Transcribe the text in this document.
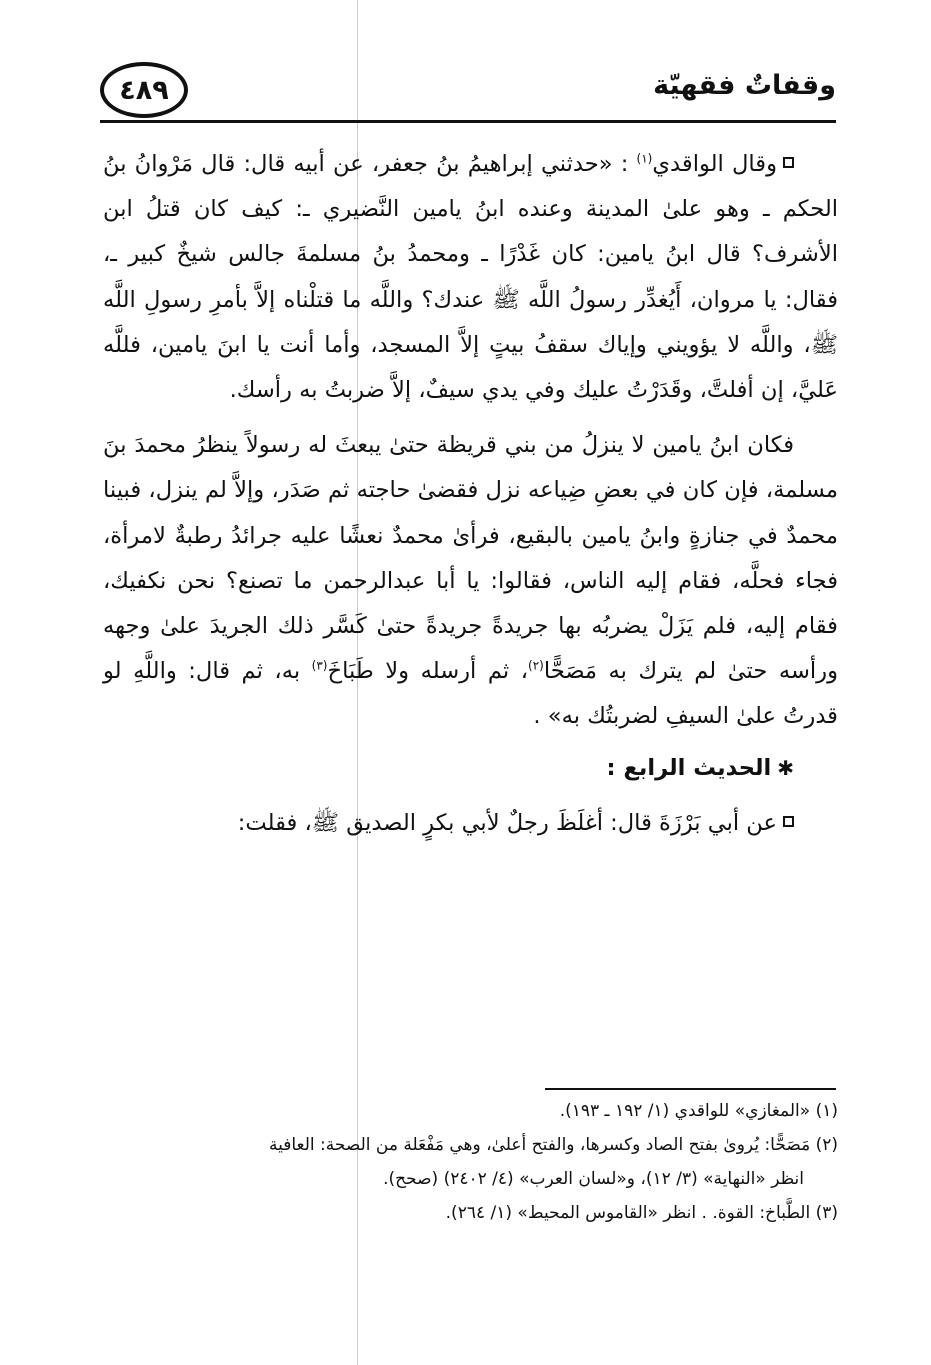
٤٨٩	وقفاتٌ فقهيّة

وقال الواقدي$^{(١)}$ : «حدثني إبراهيمُ بنُ جعفر، عن أبيه قال: قال مَرْوانُ بنُ الحكم ـ وهو علىٰ المدينة وعنده ابنُ يامين النَّضيري ـ: كيف كان قتلُ ابن الأشرف؟ قال ابنُ يامين: كان غَدْرًا ـ ومحمدُ بنُ مسلمةَ جالس شيخٌ كبير ـ، فقال: يا مروان، أَيُغدِّر رسولُ اللَّه ﷺ عندك؟ واللَّه ما قتلْناه إلاَّ بأمرِ رسولِ اللَّه ﷺ، واللَّه لا يؤويني وإياك سقفُ بيتٍ إلاَّ المسجد، وأما أنت يا ابنَ يامين، فللَّه عَليَّ، إن أفلتَّ، وقَدَرْتُ عليك وفي يدي سيفٌ، إلاَّ ضربتُ به رأسك.

فكان ابنُ يامين لا ينزلُ من بني قريظة حتىٰ يبعثَ له رسولاً ينظرُ محمدَ بنَ مسلمة، فإن كان في بعضِ ضِياعه نزل فقضىٰ حاجته ثم صَدَر، وإلاَّ لم ينزل، فبينا محمدٌ في جنازةٍ وابنُ يامين بالبقيع، فرأىٰ محمدٌ نعشًا عليه جرائدُ رطبةٌ لامرأة، فجاء فحلَّه، فقام إليه الناس، فقالوا: يا أبا عبدالرحمن ما تصنع؟ نحن نكفيك، فقام إليه، فلم يَزَلْ يضربُه بها جريدةً جريدةً حتىٰ كَسَّر ذلك الجريدَ علىٰ وجهه ورأسه حتىٰ لم يترك به مَصَحًّا$^{(٢)}$، ثم أرسله ولا طَبَاخَ$^{(٣)}$ به، ثم قال: واللَّهِ لو قدرتُ علىٰ السيفِ لضربتُك به» .

✱الحديث الرابع :

عن أبي بَرْزَةَ قال: أغلَظَ رجلٌ لأبي بكرٍ الصديق ﷺ، فقلت:

(١) «المغازي» للواقدي (١/ ١٩٢ ـ ١٩٣).

(٢) مَصَحًّا: يُروىٰ بفتح الصاد وكسرها، والفتح أعلىٰ، وهي مَفْعَلة من الصحة: العافية

انظر «النهاية» (٣/ ١٢)، و«لسان العرب» (٤/ ٢٤٠٢) (صحح).

(٣) الطَّباخ: القوة. . انظر «القاموس المحيط» (١/ ٢٦٤).
